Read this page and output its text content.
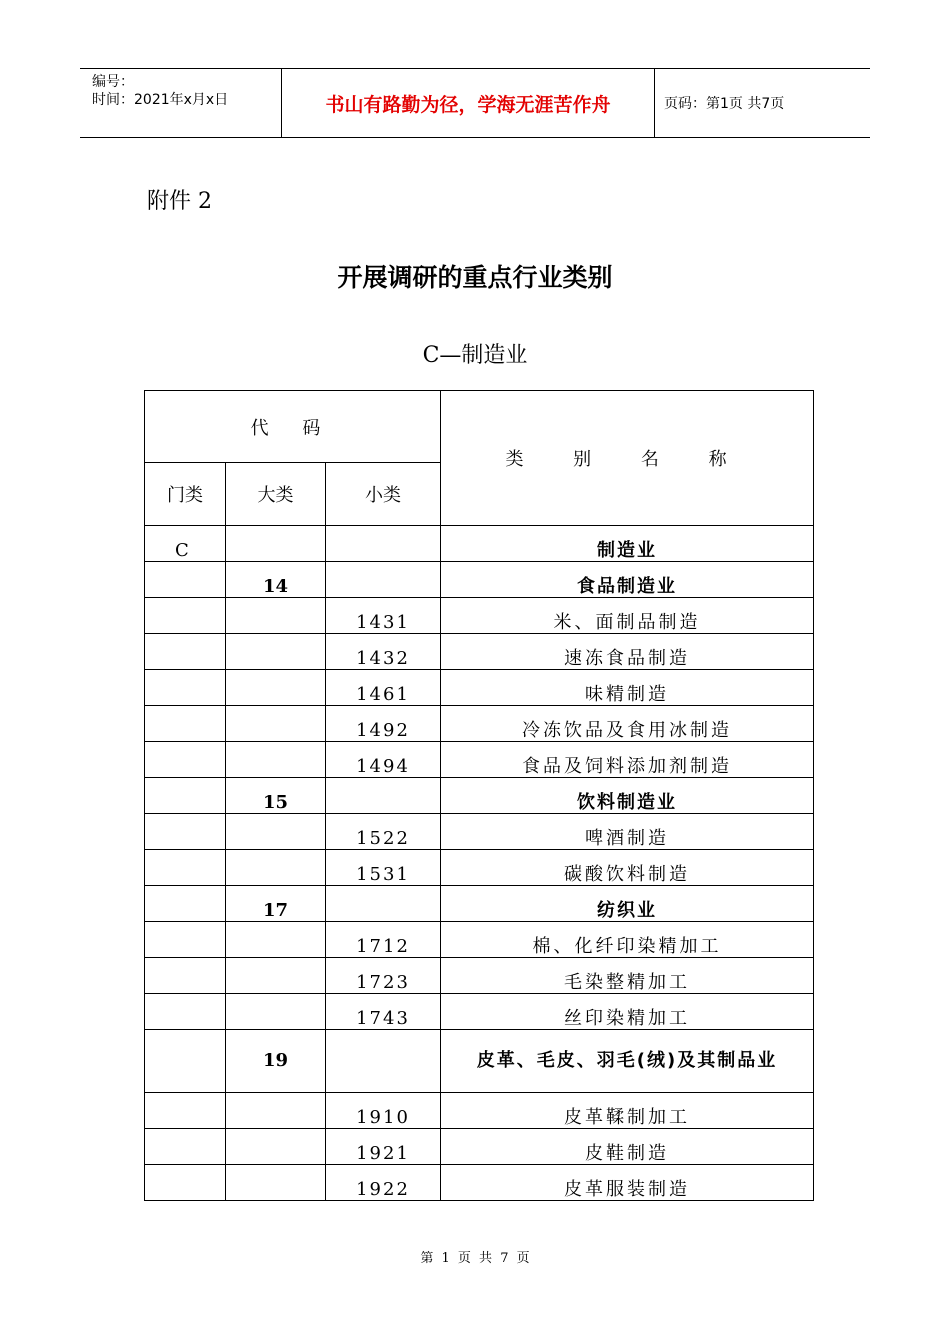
编号：
时间：2021年x月x日	书山有路勤为径，学海无涯苦作舟	页码：第1页 共7页
附件 2
开展调研的重点行业类别
C—制造业
代 码			类 别 名 称
门类	大类	小类	
C			制造业
	14		食品制造业
		1431	米、面制品制造
		1432	速冻食品制造
		1461	味精制造
		1492	冷冻饮品及食用冰制造
		1494	食品及饲料添加剂制造
	15		饮料制造业
		1522	啤酒制造
		1531	碳酸饮料制造
	17		纺织业
		1712	棉、化纤印染精加工
		1723	毛染整精加工
		1743	丝印染精加工
	19		皮革、毛皮、羽毛(绒)及其制品业
		1910	皮革鞣制加工
		1921	皮鞋制造
		1922	皮革服装制造
第 1 页 共 7 页
